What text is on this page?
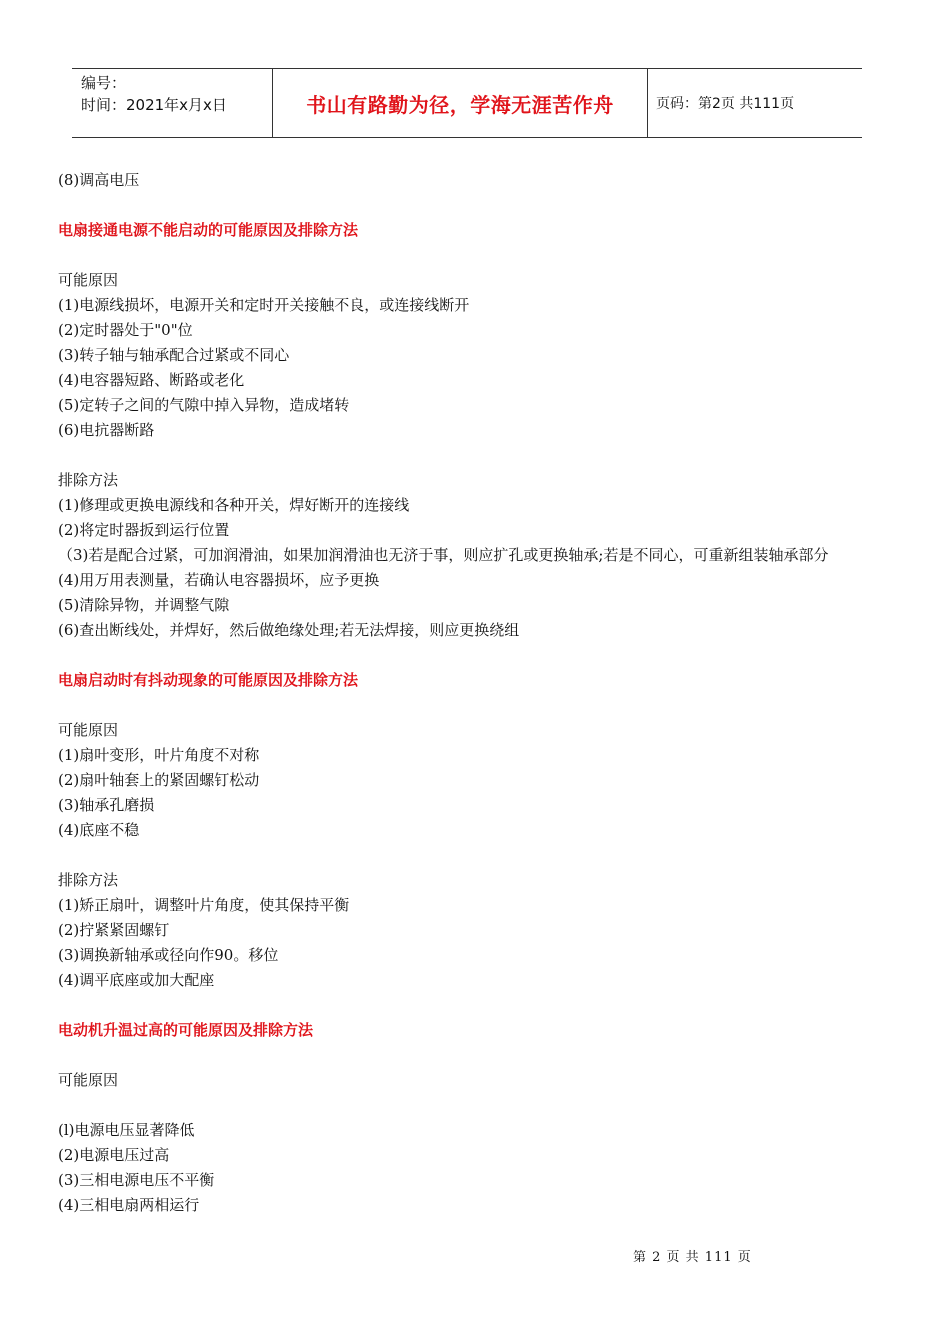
编号：
时间：2021年x月x日	书山有路勤为径，学海无涯苦作舟	页码：第2页 共111页

(8)调高电压

电扇接通电源不能启动的可能原因及排除方法

可能原因

(1)电源线损坏，电源开关和定时开关接触不良，或连接线断开

(2)定时器处于"0"位

(3)转子轴与轴承配合过紧或不同心

(4)电容器短路、断路或老化

(5)定转子之间的气隙中掉入异物，造成堵转

(6)电抗器断路

排除方法

(1)修理或更换电源线和各种开关，焊好断开的连接线

(2)将定时器扳到运行位置

（3)若是配合过紧，可加润滑油，如果加润滑油也无济于事，则应扩孔或更换轴承;若是不同心，可重新组装轴承部分

(4)用万用表测量，若确认电容器损坏，应予更换

(5)清除异物，并调整气隙

(6)查出断线处，并焊好，然后做绝缘处理;若无法焊接，则应更换绕组

电扇启动时有抖动现象的可能原因及排除方法

可能原因

(1)扇叶变形，叶片角度不对称

(2)扇叶轴套上的紧固螺钉松动

(3)轴承孔磨损

(4)底座不稳

排除方法

(1)矫正扇叶，调整叶片角度，使其保持平衡

(2)拧紧紧固螺钉

(3)调换新轴承或径向作90。移位

(4)调平底座或加大配座

电动机升温过高的可能原因及排除方法

可能原因

(l)电源电压显著降低

(2)电源电压过高

(3)三相电源电压不平衡

(4)三相电扇两相运行

第 2 页 共 111 页
